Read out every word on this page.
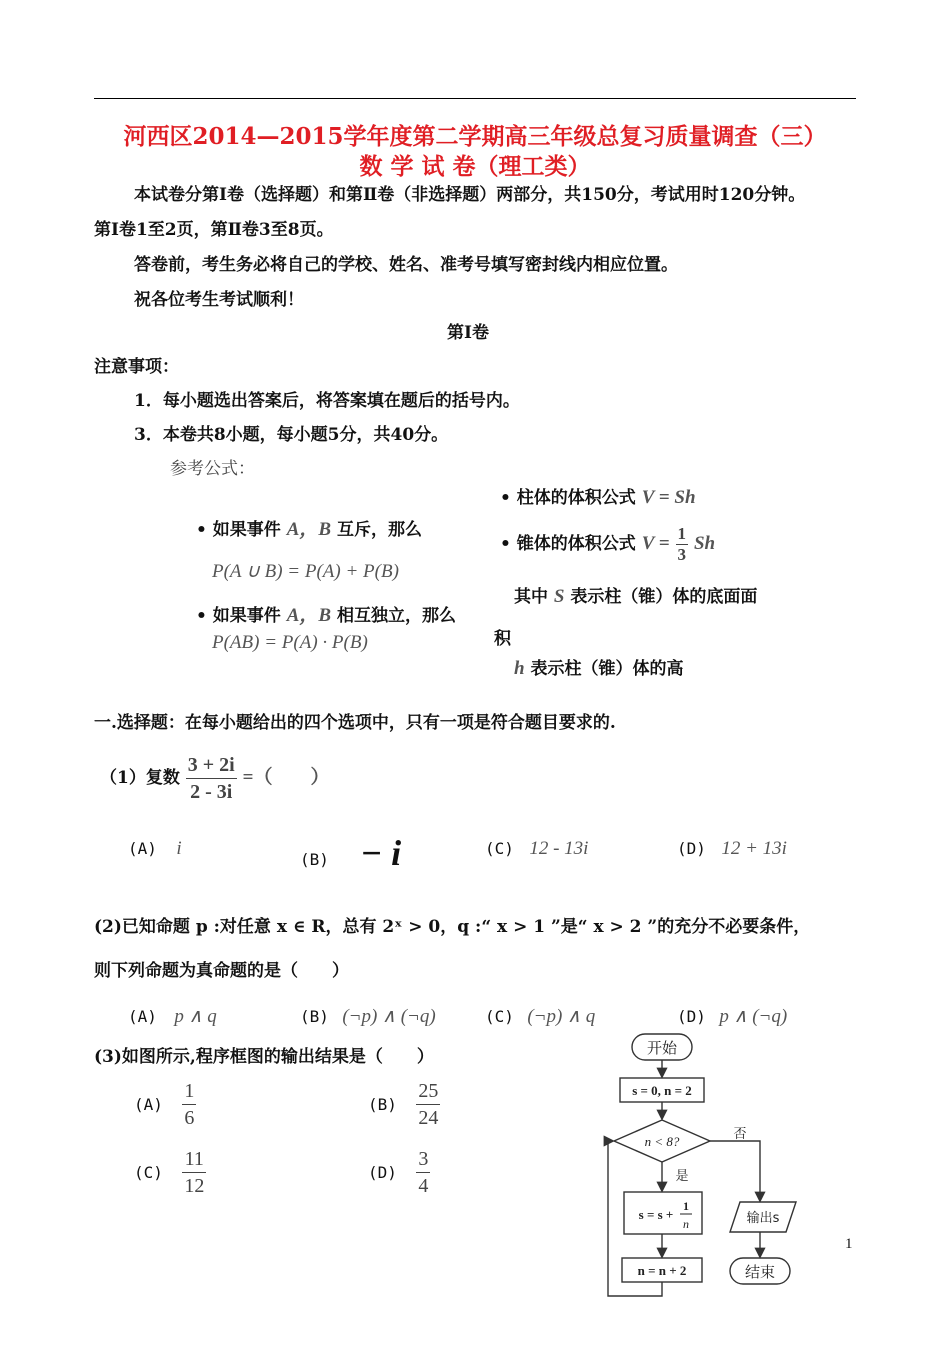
河西区2014—2015学年度第二学期高三年级总复习质量调查（三）
数 学 试 卷（理工类）
本试卷分第Ⅰ卷（选择题）和第Ⅱ卷（非选择题）两部分，共150分，考试用时120分钟。
第Ⅰ卷1至2页，第Ⅱ卷3至8页。
答卷前，考生务必将自己的学校、姓名、准考号填写密封线内相应位置。
祝各位考生考试顺利！
第Ⅰ卷
注意事项：
1．每小题选出答案后，将答案填在题后的括号内。
3．本卷共8小题，每小题5分，共40分。
参考公式：
• 如果事件 A，B 互斥，那么
P(A ∪ B) = P(A) + P(B)
• 如果事件 A，B 相互独立，那么
P(AB) = P(A) · P(B)
• 柱体的体积公式 V = Sh
• 锥体的体积公式 $V = \frac{1}{3}$ Sh
其中 S 表示柱（锥）体的底面面
积
h 表示柱（锥）体的高
一.选择题：在每小题给出的四个选项中，只有一项是符合题目要求的.
（1）复数 $\frac{3 + 2i}{2 - 3i}$ =（　　）
(A) i
(B) − i	(C) 12 - 13i	(D) 12 + 13i
(2)已知命题 p :对任意 x ∈ R，总有 2ˣ > 0，q :“ x > 1 ”是“ x > 2 ”的充分不必要条件，
则下列命题为真命题的是（　　）
(A) p ∧ q	(B) (¬p) ∧ (¬q)	(C) (¬p) ∧ q	(D) p ∧ (¬q)
(3)如图所示,程序框图的输出结果是（　　）
$(A) \frac{1}{6}$	$(B) \frac{25}{24}$
$(C) \frac{11}{12}$	$(D) \frac{3}{4}$
开始
s = 0, n = 2
n < 8?	否
是
s = s +
1
n
n = n + 2
输出s
结束
1
